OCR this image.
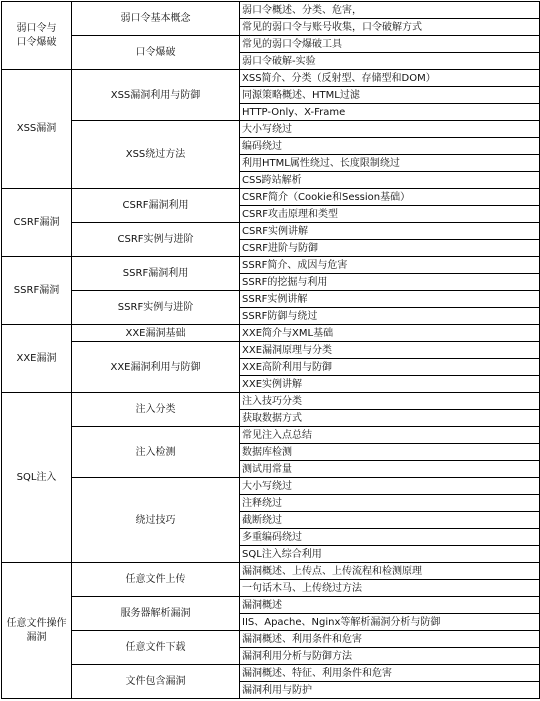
弱口令与
口令爆破	弱口令基本概念	弱口令概述、分类、危害，
		常见的弱口令与账号收集，口令破解方式
	口令爆破	常见的弱口令爆破工具
		弱口令破解-实验
XSS漏洞	XSS漏洞利用与防御	XSS简介、分类（反射型、存储型和DOM）
		同源策略概述、HTML过滤
		HTTP-Only、X-Frame
	XSS绕过方法	大小写绕过
		编码绕过
		利用HTML属性绕过、长度限制绕过
		CSS跨站解析
CSRF漏洞	CSRF漏洞利用	CSRF简介（Cookie和Session基础）
		CSRF攻击原理和类型
	CSRF实例与进阶	CSRF实例讲解
		CSRF进阶与防御
SSRF漏洞	SSRF漏洞利用	SSRF简介、成因与危害
		SSRF的挖掘与利用
	SSRF实例与进阶	SSRF实例讲解
		SSRF防御与绕过
XXE漏洞	XXE漏洞基础	XXE简介与XML基础
	XXE漏洞利用与防御	XXE漏洞原理与分类
		XXE高阶利用与防御
		XXE实例讲解
SQL注入	注入分类	注入技巧分类
		获取数据方式
	注入检测	常见注入点总结
		数据库检测
		测试用常量
	绕过技巧	大小写绕过
		注释绕过
		截断绕过
		多重编码绕过
		SQL注入综合利用
任意文件操作
漏洞	任意文件上传	漏洞概述、上传点、上传流程和检测原理
		一句话木马、上传绕过方法
	服务器解析漏洞	漏洞概述
		IIS、Apache、Nginx等解析漏洞分析与防御
	任意文件下载	漏洞概述、利用条件和危害
		漏洞利用分析与防御方法
	文件包含漏洞	漏洞概述、特征、利用条件和危害
		漏洞利用与防护
